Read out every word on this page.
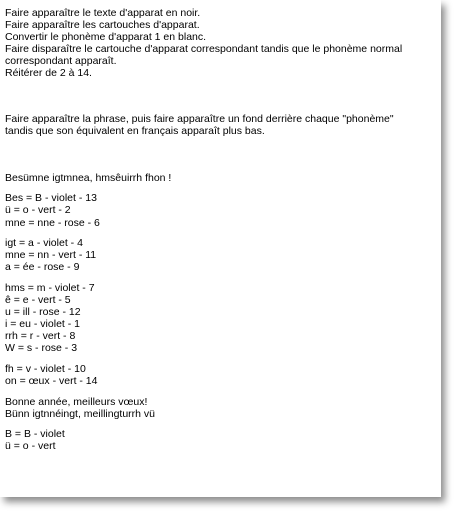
Faire apparaître le texte d'apparat en noir.
Faire apparaître les cartouches d'apparat.
Convertir le phonème d'apparat 1 en blanc.
Faire disparaître le cartouche d'apparat correspondant tandis que le phonème normal
correspondant apparaît.
Réitérer de 2 à 14.
Faire apparaître la phrase, puis faire apparaître un fond derrière chaque "phonème"
tandis que son équivalent en français apparaît plus bas.
Besümne igtmnea, hmsêuirrh fhon !
Bes = B - violet - 13
ü = o - vert - 2
mne = nne - rose - 6
igt = a - violet - 4
mne = nn - vert - 11
a = ée - rose - 9
hms = m - violet - 7
ê = e - vert - 5
u = ill - rose - 12
i = eu - violet - 1
rrh = r - vert - 8
W = s - rose - 3
fh = v - violet - 10
on = œux - vert - 14
Bonne année, meilleurs vœux!
Bünn igtnnéingt, meillingturrh vü
B = B - violet
ü = o - vert
